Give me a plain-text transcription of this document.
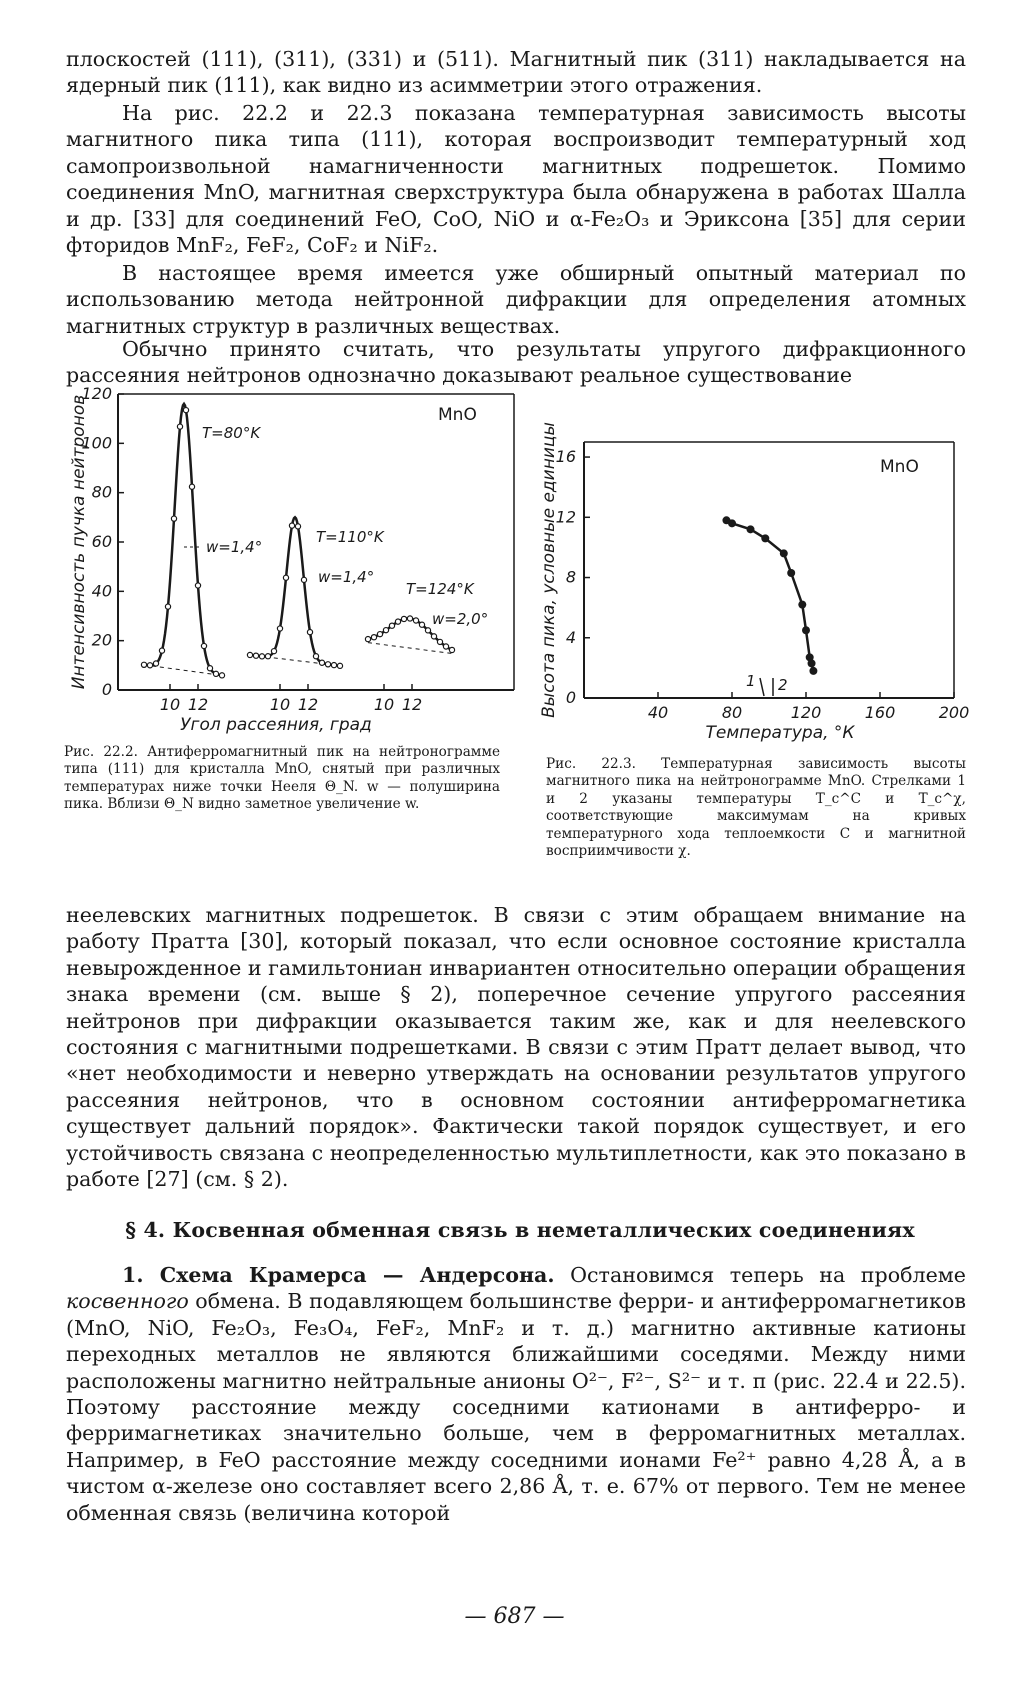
плоскостей (111), (311), (331) и (511). Магнитный пик (311) накладывается на ядерный пик (111), как видно из асимметрии этого отражения.

На рис. 22.2 и 22.3 показана температурная зависимость высоты магнитного пика типа (111), которая воспроизводит температурный ход самопроизвольной намагниченности магнитных подрешеток. Помимо соединения MnO, магнитная сверхструктура была обнаружена в работах Шалла и др. [33] для соединений FeO, CoO, NiO и α-Fe₂O₃ и Эриксона [35] для серии фторидов MnF₂, FeF₂, CoF₂ и NiF₂.

В настоящее время имеется уже обширный опытный материал по использованию метода нейтронной дифракции для определения атомных магнитных структур в различных веществах.

Обычно принято считать, что результаты упругого дифракционного рассеяния нейтронов однозначно доказывают реальное существование

0
20
40
60
80
100
120
10 12	10 12	10 12
MnO
T=80°K
T=110°K
T=124°K
w=1,4°
w=1,4°
w=2,0°
Интенсивность пучка нейтронов
Угол рассеяния, град

Рис. 22.2. Антиферромагнитный пик на нейтронограмме типа (111) для кристалла MnO, снятый при различных температурах ниже точки Нееля Θ_N. w — полуширина пика. Вблизи Θ_N видно заметное увеличение w.

0
4
8
12
16
40	80	120	160	200
MnO
1 2
Высота пика, условные единицы
Температура, °К

Рис. 22.3. Температурная зависимость высоты магнитного пика на нейтронограмме MnO. Стрелками 1 и 2 указаны температуры T_c^C и T_c^χ, соответствующие максимумам на кривых температурного хода теплоемкости C и магнитной восприимчивости χ.

неелевских магнитных подрешеток. В связи с этим обращаем внимание на работу Пратта [30], который показал, что если основное состояние кристалла невырожденное и гамильтониан инвариантен относительно операции обращения знака времени (см. выше § 2), поперечное сечение упругого рассеяния нейтронов при дифракции оказывается таким же, как и для неелевского состояния с магнитными подрешетками. В связи с этим Пратт делает вывод, что «нет необходимости и неверно утверждать на основании результатов упругого рассеяния нейтронов, что в основном состоянии антиферромагнетика существует дальний порядок». Фактически такой порядок существует, и его устойчивость связана с неопределенностью мультиплетности, как это показано в работе [27] (см. § 2).

§ 4. Косвенная обменная связь в неметаллических соединениях

1. Схема Крамерса — Андерсона. Остановимся теперь на проблеме косвенного обмена. В подавляющем большинстве ферри- и антиферромагнетиков (MnO, NiO, Fe₂O₃, Fe₃O₄, FeF₂, MnF₂ и т. д.) магнитно активные катионы переходных металлов не являются ближайшими соседями. Между ними расположены магнитно нейтральные анионы O²⁻, F²⁻, S²⁻ и т. п (рис. 22.4 и 22.5). Поэтому расстояние между соседними катионами в антиферро- и ферримагнетиках значительно больше, чем в ферромагнитных металлах. Например, в FeO расстояние между соседними ионами Fe²⁺ равно 4,28 Å, а в чистом α-железе оно составляет всего 2,86 Å, т. е. 67% от первого. Тем не менее обменная связь (величина которой

— 687 —
